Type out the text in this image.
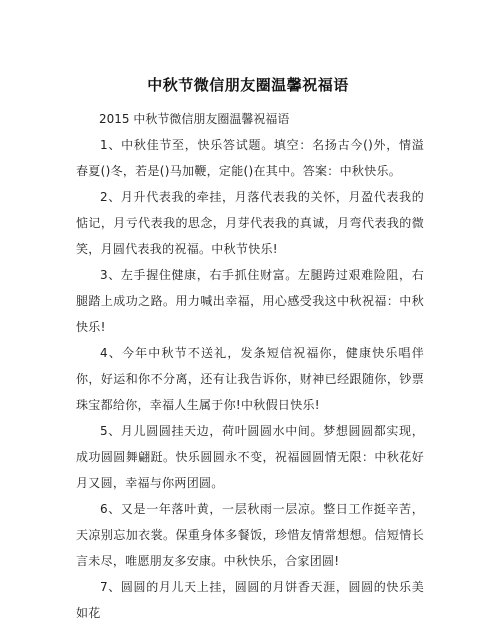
中秋节微信朋友圈温馨祝福语
2015 中秋节微信朋友圈温馨祝福语

1、中秋佳节至，快乐答试题。填空：名扬古今()外，情溢春夏()冬，若是()马加鞭，定能()在其中。答案：中秋快乐。

2、月升代表我的牵挂，月落代表我的关怀，月盈代表我的惦记，月亏代表我的思念，月芽代表我的真诚，月弯代表我的微笑，月圆代表我的祝福。中秋节快乐!

3、左手握住健康，右手抓住财富。左腿跨过艰难险阻，右腿踏上成功之路。用力喊出幸福，用心感受我这中秋祝福：中秋快乐!

4、今年中秋节不送礼，发条短信祝福你，健康快乐唱伴你，好运和你不分离，还有让我告诉你，财神已经跟随你，钞票珠宝都给你，幸福人生属于你!中秋假日快乐!

5、月儿圆圆挂天边，荷叶圆圆水中间。梦想圆圆都实现，成功圆圆舞翩跹。快乐圆圆永不变，祝福圆圆情无限：中秋花好月又圆，幸福与你两团圆。

6、又是一年落叶黄，一层秋雨一层凉。整日工作挺辛苦，天凉别忘加衣裳。保重身体多餐饭，珍惜友情常想想。信短情长言未尽，唯愿朋友多安康。中秋快乐，合家团圆!

7、圆圆的月儿天上挂，圆圆的月饼香天涯，圆圆的快乐美如花
